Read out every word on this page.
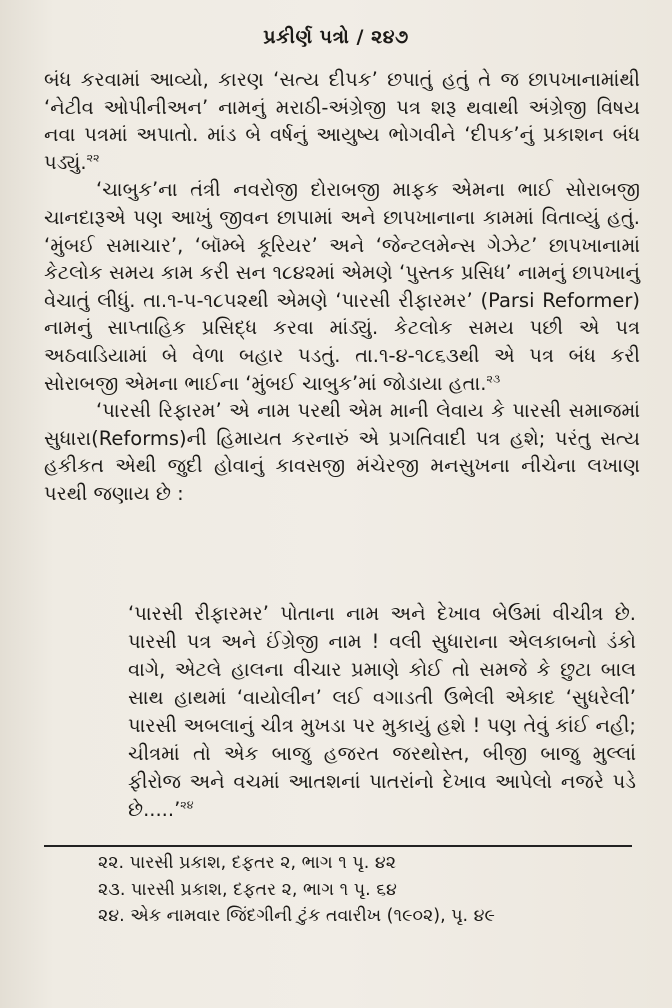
પ્રકીર્ણ પત્રો / ૨૪૭

બંધ કરવામાં આવ્યો, કારણ ‘સત્ય દીપક’ છપાતું હતું તે જ છાપખાનામાંથી ‘નેટીવ ઓપીનીઅન’ નામનું મરાઠી-અંગ્રેજી પત્ર શરૂ થવાથી અંગ્રેજી વિષય નવા પત્રમાં અપાતો. માંડ બે વર્ષનું આયુષ્ય ભોગવીને ‘દીપક’નું પ્રકાશન બંધ પડ્યું.$^{૨૨}$

‘ચાબુક’ના તંત્રી નવરોજી દોરાબજી માફક એમના ભાઈ સોરાબજી ચાનદારૂએ પણ આખું જીવન છાપામાં અને છાપખાનાના કામમાં વિતાવ્યું હતું. ‘મુંબઈ સમાચાર’, ‘બૉમ્બે કૂરિયર’ અને ‘જેન્ટલમેન્સ ગેઝેટ’ છાપખાનામાં કેટલોક સમય કામ કરી સન ૧૮૪૨માં એમણે ‘પુસ્તક પ્રસિધ’ નામનું છાપખાનું વેચાતું લીધું. તા.૧-૫-૧૮૫૨થી એમણે ‘પારસી રીફારમર’ (Parsi Reformer) નામનું સાપ્તાહિક પ્રસિદ્ધ કરવા માંડ્યું. કેટલોક સમય પછી એ પત્ર અઠવાડિયામાં બે વેળા બહાર પડતું. તા.૧-૪-૧૮૬૩થી એ પત્ર બંધ કરી સોરાબજી એમના ભાઈના ‘મુંબઈ ચાબુક’માં જોડાયા હતા.$^{૨૩}$

‘પારસી રિફારમ’ એ નામ પરથી એમ માની લેવાય કે પારસી સમાજમાં સુધારા(Reforms)ની હિમાયત કરનારું એ પ્રગતિવાદી પત્ર હશે; પરંતુ સત્ય હકીકત એથી જુદી હોવાનું કાવસજી મંચેરજી મનસુખના નીચેના લખાણ પરથી જણાય છે :

‘પારસી રીફારમર’ પોતાના નામ અને દેખાવ બેઉમાં વીચીત્ર છે. પારસી પત્ર અને ઈંગ્રેજી નામ ! વલી સુધારાના એલકાબનો ડંકો વાગે, એટલે હાલના વીચાર પ્રમાણે કોઈ તો સમજે કે છુટા બાલ સાથ હાથમાં ‘વાયોલીન’ લઈ વગાડતી ઉભેલી એકાદ ‘સુધરેલી’ પારસી અબલાનું ચીત્ર મુખડા પર મુકાયું હશે ! પણ તેવું કાંઈ નહી; ચીત્રમાં તો એક બાજુ હજરત જરથોસ્ત, બીજી બાજુ મુલ્લાં ફીરોજ અને વચમાં આતશનાં પાતરાંનો દેખાવ આપેલો નજરે પડે છે.....’$^{૨૪}$
૨૨. પારસી પ્રકાશ, દફતર ૨, ભાગ ૧ પૃ. ૪૨
૨૩. પારસી પ્રકાશ, દફતર ૨, ભાગ ૧ પૃ. ૬૪
૨૪. એક નામવાર જિંદગીની ટુંક તવારીખ (૧૯૦૨), પૃ. ૪૯
